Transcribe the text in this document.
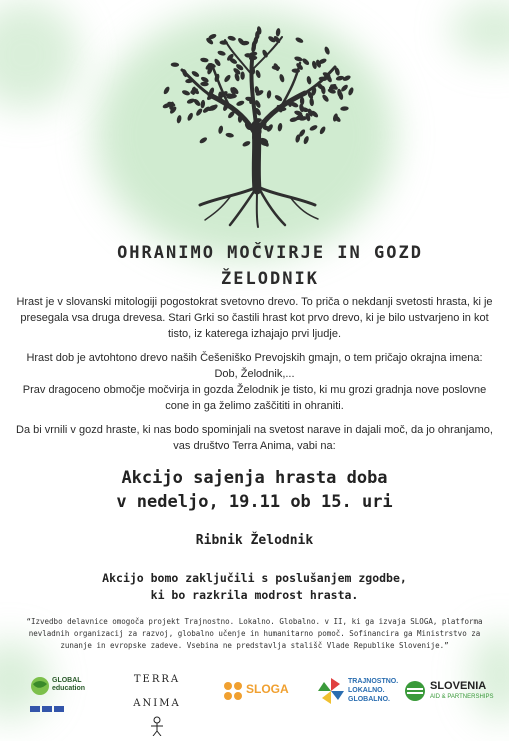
OHRANIMO MOČVIRJE IN GOZD
ŽELODNIK
Hrast je v slovanski mitologiji pogostokrat svetovno drevo. To priča o nekdanji svetosti hrasta, ki je
presegala vsa druga drevesa. Stari Grki so častili hrast kot prvo drevo, ki je bilo ustvarjeno in kot
tisto, iz katerega izhajajo prvi ljudje.
Hrast dob je avtohtono drevo naših Češeniško Prevojskih gmajn, o tem pričajo okrajna imena:
Dob, Želodnik,...
Prav dragoceno območje močvirja in gozda Želodnik je tisto, ki mu grozi gradnja nove poslovne
cone in ga želimo zaščititi in ohraniti.
Da bi vrnili v gozd hraste, ki nas bodo spominjali na svetost narave in dajali moč, da jo ohranjamo,
vas društvo Terra Anima, vabi na:
Akcijo sajenja hrasta doba
v nedeljo, 19.11 ob 15. uri
Ribnik Želodnik
Akcijo bomo zaključili s poslušanjem zgodbe,
ki bo razkrila modrost hrasta.
“Izvedbo delavnice omogoča projekt Trajnostno. Lokalno. Globalno. v II, ki ga izvaja SLOGA, platforma
nevladnih organizacij za razvoj, globalno učenje in humanitarno pomoč. Sofinancira ga Ministrstvo za
zunanje in evropske zadeve. Vsebina ne predstavlja stališč Vlade Republike Slovenije.”
GLOBAL education
TERRA ANIMA
SLOGA
TRAJNOSTNO.
LOKALNO.
GLOBALNO.
SLOVENIA
AID & PARTNERSHIPS
